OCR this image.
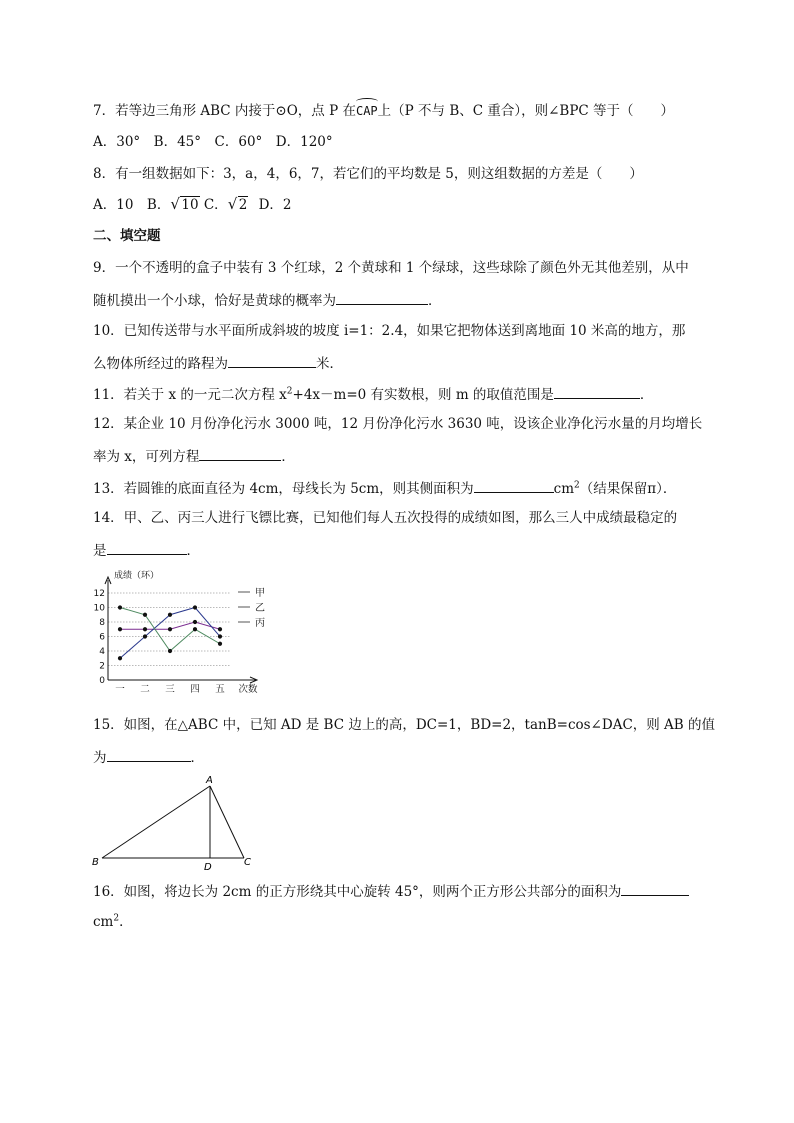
7．若等边三角形 ABC 内接于⊙O，点 P 在CAP上（P 不与 B、C 重合），则∠BPC 等于（　　）
A．30°　B．45°　C．60°　D．120°
8．有一组数据如下：3，a，4，6，7，若它们的平均数是 5，则这组数据的方差是（　　）
A．10　B． √ 10 C． √ 2 D．2
二、填空题
9．一个不透明的盒子中装有 3 个红球，2 个黄球和 1 个绿球，这些球除了颜色外无其他差别，从中
随机摸出一个小球，恰好是黄球的概率为	．
10．已知传送带与水平面所成斜坡的坡度 i=1：2.4，如果它把物体送到离地面 10 米高的地方，那
么物体所经过的路程为	米．
11．若关于 x 的一元二次方程 $x^2+4x-m=0$ 有实数根，则 m 的取值范围是	．
12．某企业 10 月份净化污水 3000 吨，12 月份净化污水 3630 吨，设该企业净化污水量的月均增长
率为 x，可列方程	．
13．若圆锥的底面直径为 4cm，母线长为 5cm，则其侧面积为	$cm^2$（结果保留π）．
14．甲、乙、丙三人进行飞镖比赛，已知他们每人五次投得的成绩如图，那么三人中成绩最稳定的
是	．
0
2
4
6
8
10
12
成绩（环）
一 二 三 四 五 次数
甲
乙
丙
15．如图，在△ABC 中，已知 AD 是 BC 边上的高，DC=1，BD=2，tanB=cos∠DAC，则 AB 的值
为	．
A
B	C
D
16．如图，将边长为 2cm 的正方形绕其中心旋转 45°，则两个正方形公共部分的面积为
$cm^2$．
